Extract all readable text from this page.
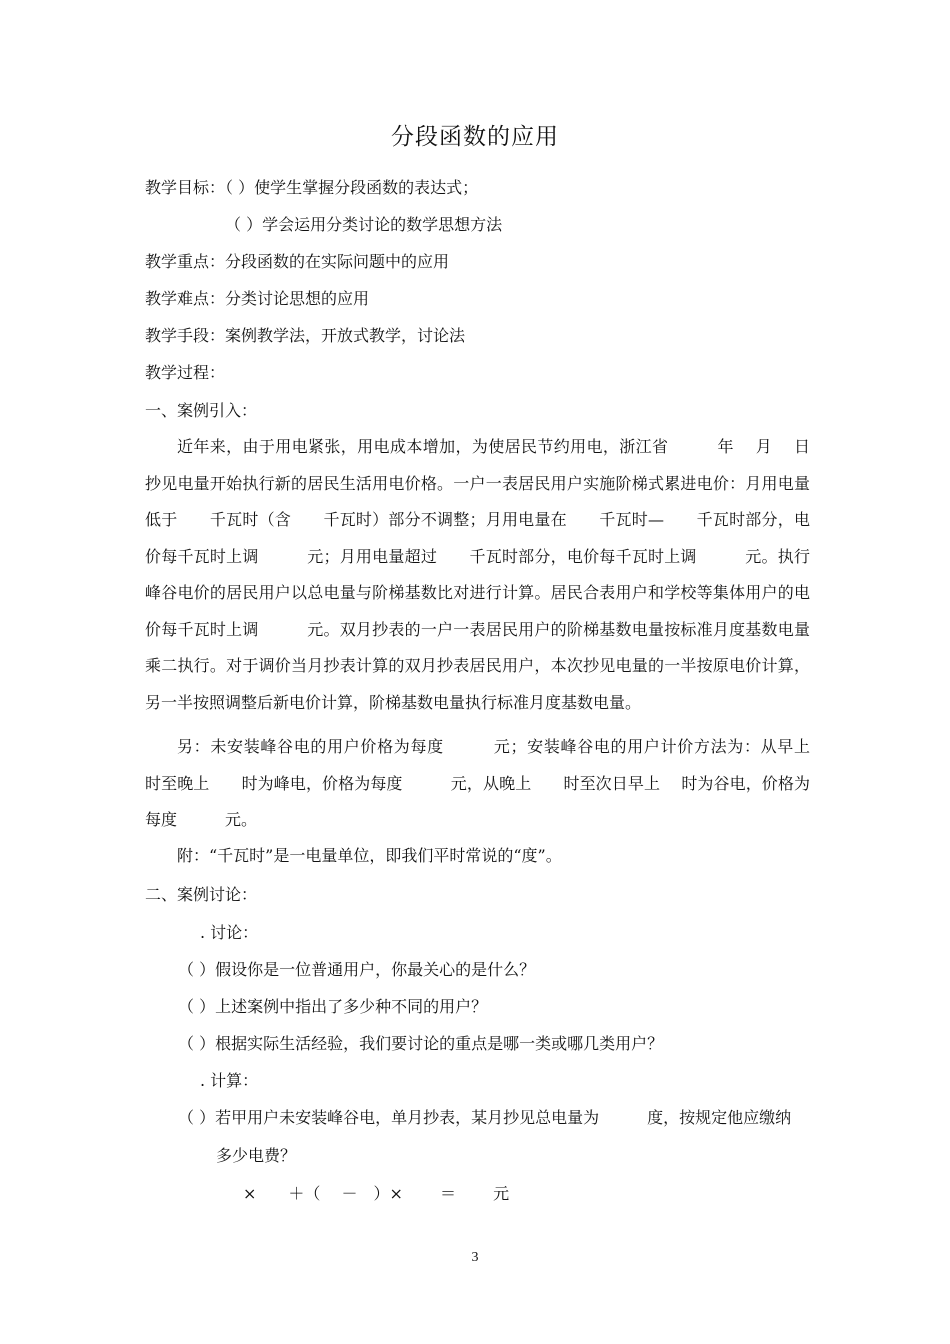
分段函数的应用
教学目标：（ ）使学生掌握分段函数的表达式；
（ ）学会运用分类讨论的数学思想方法
教学重点：分段函数的在实际问题中的应用
教学难点：分类讨论思想的应用
教学手段：案例教学法，开放式教学，讨论法
教学过程：
一、案例引入：
近年来，由于用电紧张，用电成本增加，为使居民节约用电，浙江省　　　年　 月　 日抄见电量开始执行新的居民生活用电价格。一户一表居民用户实施阶梯式累进电价：月用电量低于　　千瓦时（含　　千瓦时）部分不调整；月用电量在　　千瓦时—　　千瓦时部分，电价每千瓦时上调　　　元；月用电量超过　　千瓦时部分，电价每千瓦时上调　　　元。执行峰谷电价的居民用户以总电量与阶梯基数比对进行计算。居民合表用户和学校等集体用户的电价每千瓦时上调　　　元。双月抄表的一户一表居民用户的阶梯基数电量按标准月度基数电量乘二执行。对于调价当月抄表计算的双月抄表居民用户，本次抄见电量的一半按原电价计算，另一半按照调整后新电价计算，阶梯基数电量执行标准月度基数电量。
另：未安装峰谷电的用户价格为每度　　　元；安装峰谷电的用户计价方法为：从早上　时至晚上　　时为峰电，价格为每度　　　元，从晚上　　时至次日早上　 时为谷电，价格为每度　　　元。
附：“千瓦时”是一电量单位，即我们平时常说的“度”。
二、案例讨论：
. 讨论：
（ ）假设你是一位普通用户，你最关心的是什么？
（ ）上述案例中指出了多少种不同的用户？
（ ）根据实际生活经验，我们要讨论的重点是哪一类或哪几类用户？
. 计算：
（ ）若甲用户未安装峰谷电，单月抄表，某月抄见总电量为　　　度，按规定他应缴纳
多少电费？
×　　＋（　 －　）×　　 ＝　　 元
3
